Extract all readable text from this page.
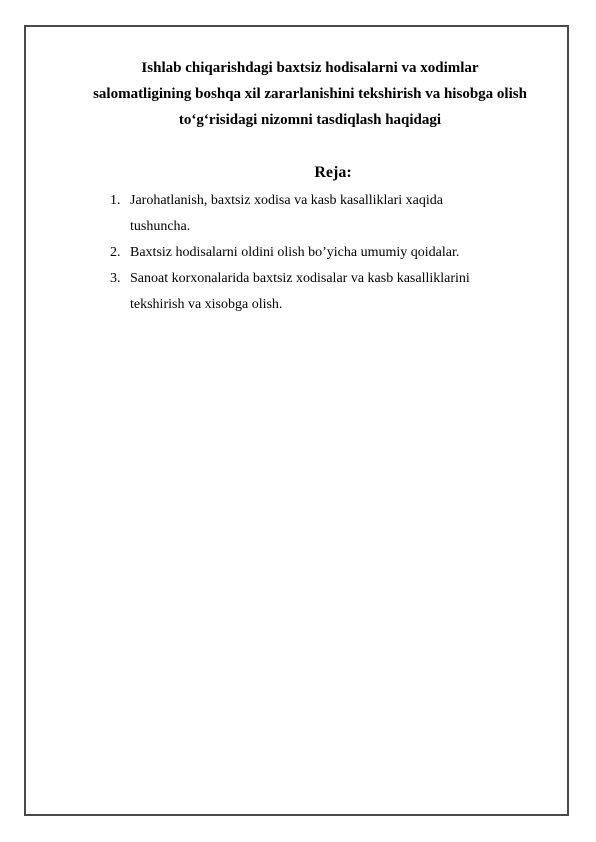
Ishlab chiqarishdagi baxtsiz hodisalarni va xodimlar
salomatligining boshqa xil zararlanishini tekshirish va hisobga olish
to‘g‘risidagi nizomni tasdiqlash haqidagi
Reja:
1. Jarohatlanish, baxtsiz xodisa va kasb kasalliklari xaqida
tushuncha.
2. Baxtsiz hodisalarni oldini olish bo’yicha umumiy qoidalar.
3. Sanoat korxonalarida baxtsiz xodisalar va kasb kasalliklarini
tekshirish va xisobga olish.
